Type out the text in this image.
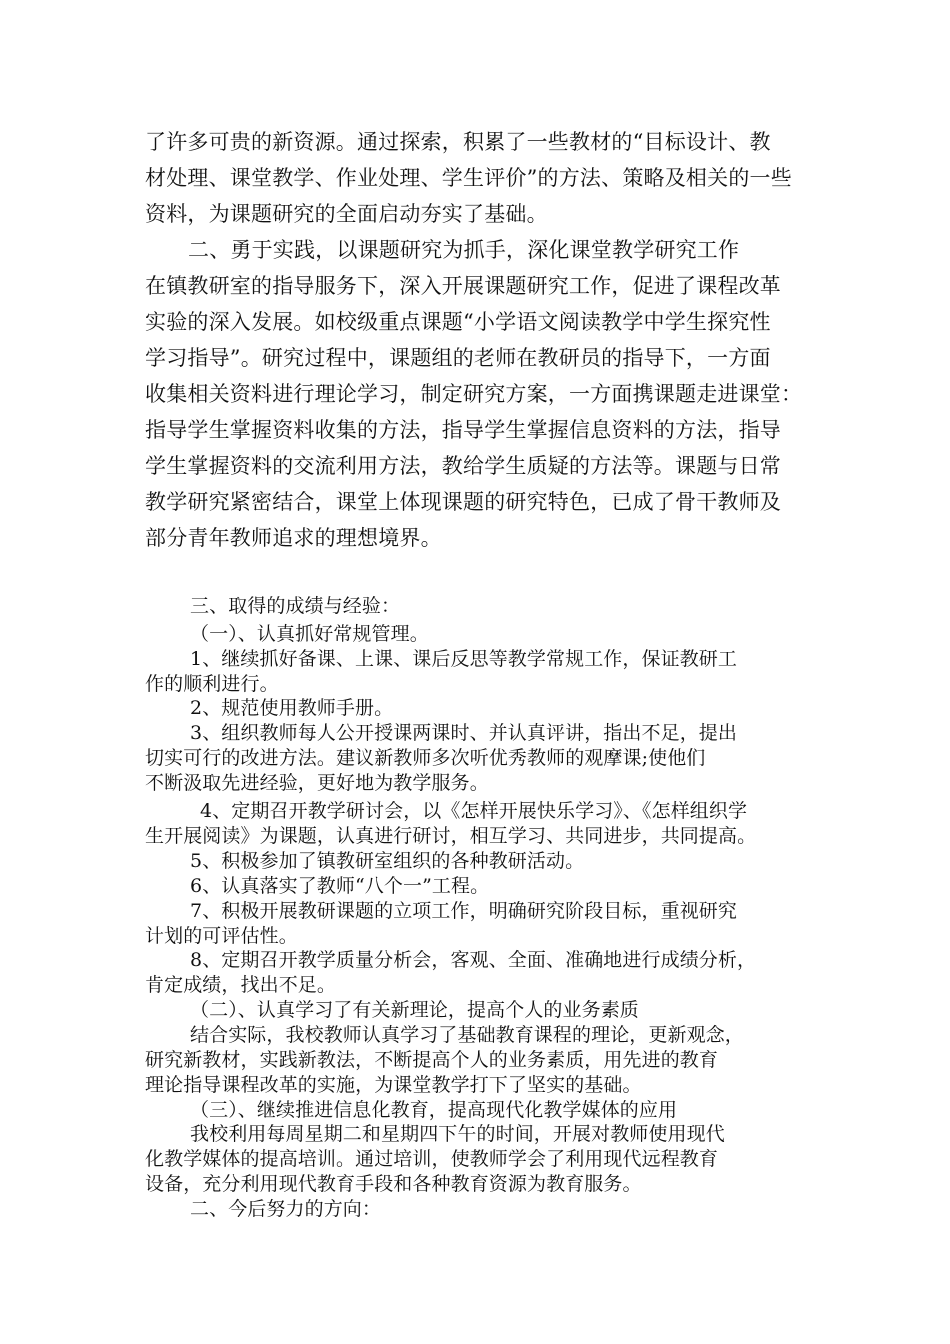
了许多可贵的新资源。通过探索，积累了一些教材的“目标设计、教
材处理、课堂教学、作业处理、学生评价”的方法、策略及相关的一些
资料，为课题研究的全面启动夯实了基础。
二、勇于实践，以课题研究为抓手，深化课堂教学研究工作
在镇教研室的指导服务下，深入开展课题研究工作，促进了课程改革
实验的深入发展。如校级重点课题“小学语文阅读教学中学生探究性
学习指导”。研究过程中，课题组的老师在教研员的指导下，一方面
收集相关资料进行理论学习，制定研究方案，一方面携课题走进课堂：
指导学生掌握资料收集的方法，指导学生掌握信息资料的方法，指导
学生掌握资料的交流利用方法，教给学生质疑的方法等。课题与日常
教学研究紧密结合，课堂上体现课题的研究特色，已成了骨干教师及
部分青年教师追求的理想境界。
三、取得的成绩与经验：
（一）、认真抓好常规管理。
1、继续抓好备课、上课、课后反思等教学常规工作，保证教研工
作的顺利进行。
2、规范使用教师手册。
3、组织教师每人公开授课两课时、并认真评讲，指出不足，提出
切实可行的改进方法。建议新教师多次听优秀教师的观摩课;使他们
不断汲取先进经验，更好地为教学服务。
4、定期召开教学研讨会，以《怎样开展快乐学习》、《怎样组织学
生开展阅读》为课题，认真进行研讨，相互学习、共同进步，共同提高。
5、积极参加了镇教研室组织的各种教研活动。
6、认真落实了教师“八个一”工程。
7、积极开展教研课题的立项工作，明确研究阶段目标，重视研究
计划的可评估性。
8、定期召开教学质量分析会，客观、全面、准确地进行成绩分析，
肯定成绩，找出不足。
（二）、认真学习了有关新理论，提高个人的业务素质
结合实际，我校教师认真学习了基础教育课程的理论，更新观念，
研究新教材，实践新教法，不断提高个人的业务素质，用先进的教育
理论指导课程改革的实施，为课堂教学打下了坚实的基础。
（三）、继续推进信息化教育，提高现代化教学媒体的应用
我校利用每周星期二和星期四下午的时间，开展对教师使用现代
化教学媒体的提高培训。通过培训，使教师学会了利用现代远程教育
设备，充分利用现代教育手段和各种教育资源为教育服务。
二、今后努力的方向：
